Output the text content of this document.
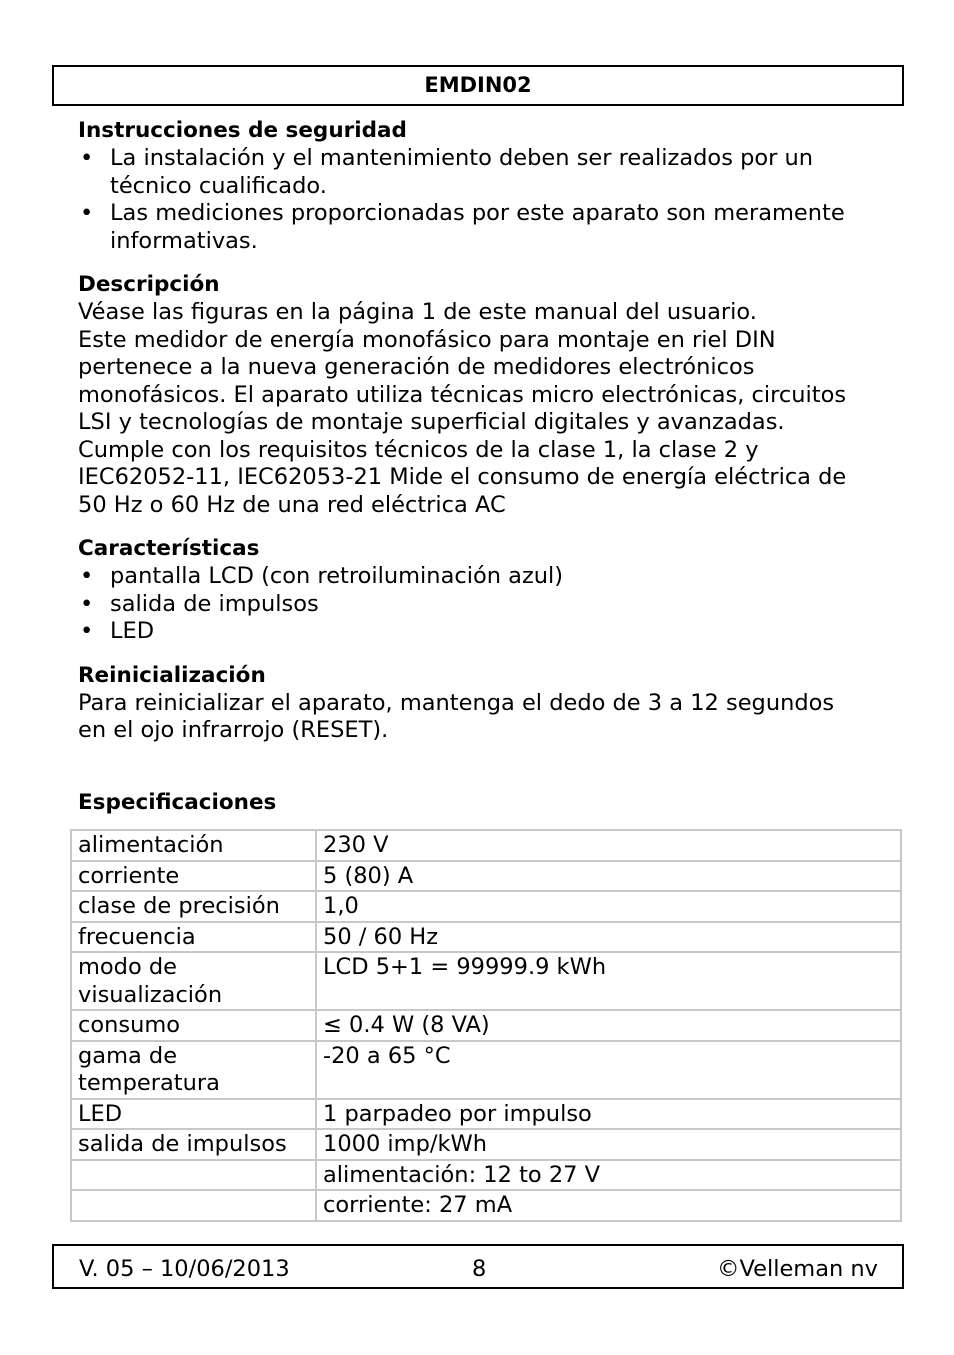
EMDIN02
Instrucciones de seguridad
• La instalación y el mantenimiento deben ser realizados por un
técnico cualificado.
• Las mediciones proporcionadas por este aparato son meramente
informativas.
Descripción

Véase las figuras en la página 1 de este manual del usuario.
Este medidor de energía monofásico para montaje en riel DIN
pertenece a la nueva generación de medidores electrónicos
monofásicos. El aparato utiliza técnicas micro electrónicas, circuitos
LSI y tecnologías de montaje superficial digitales y avanzadas.
Cumple con los requisitos técnicos de la clase 1, la clase 2 y
IEC62052-11, IEC62053-21 Mide el consumo de energía eléctrica de
50 Hz o 60 Hz de una red eléctrica AC

Características
• pantalla LCD (con retroiluminación azul)
• salida de impulsos
• LED
Reinicialización

Para reinicializar el aparato, mantenga el dedo de 3 a 12 segundos
en el ojo infrarrojo (RESET).

Especificaciones
alimentación	230 V
corriente	5 (80) A
clase de precisión	1,0
frecuencia	50 / 60 Hz
modo de
visualización	LCD 5+1 = 99999.9 kWh
consumo	≤ 0.4 W (8 VA)
gama de
temperatura	-20 a 65 °C
LED	1 parpadeo por impulso
salida de impulsos	1000 imp/kWh
	alimentación: 12 to 27 V
	corriente: 27 mA
V. 05 – 10/06/2013	8	©Velleman nv
